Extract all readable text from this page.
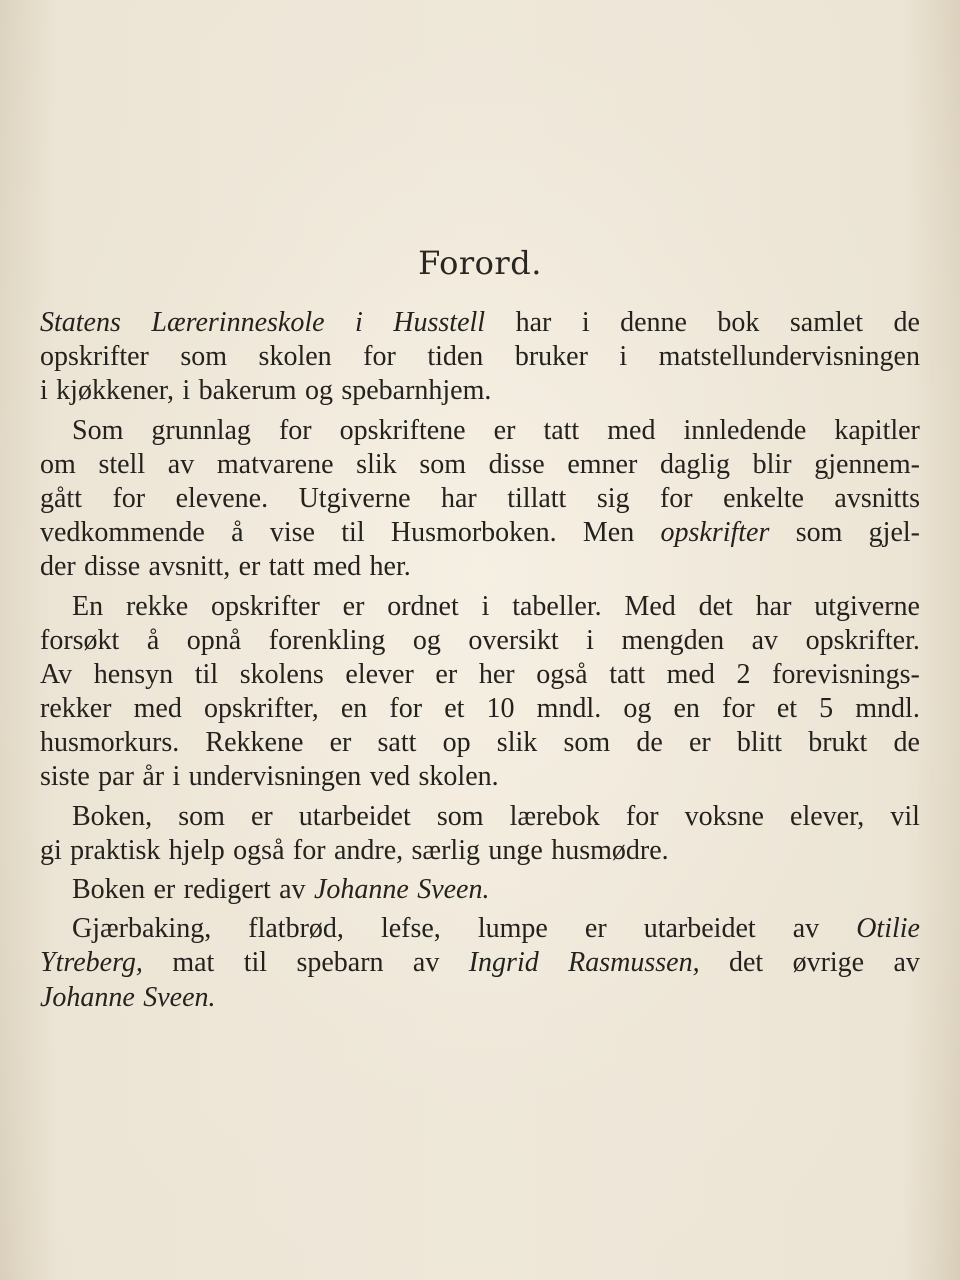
Forord.
Statens Lærerinneskole i Husstell har i denne bok samlet de
opskrifter som skolen for tiden bruker i matstellundervisningen
i kjøkkener, i bakerum og spebarnhjem.
Som grunnlag for opskriftene er tatt med innledende kapitler
om stell av matvarene slik som disse emner daglig blir gjennem-
gått for elevene. Utgiverne har tillatt sig for enkelte avsnitts
vedkommende å vise til Husmorboken. Men opskrifter som gjel-
der disse avsnitt, er tatt med her.
En rekke opskrifter er ordnet i tabeller. Med det har utgiverne
forsøkt å opnå forenkling og oversikt i mengden av opskrifter.
Av hensyn til skolens elever er her også tatt med 2 forevisnings-
rekker med opskrifter, en for et 10 mndl. og en for et 5 mndl.
husmorkurs. Rekkene er satt op slik som de er blitt brukt de
siste par år i undervisningen ved skolen.
Boken, som er utarbeidet som lærebok for voksne elever, vil
gi praktisk hjelp også for andre, særlig unge husmødre.
Boken er redigert av Johanne Sveen.
Gjærbaking, flatbrød, lefse, lumpe er utarbeidet av Otilie
Ytreberg, mat til spebarn av Ingrid Rasmussen, det øvrige av
Johanne Sveen.
